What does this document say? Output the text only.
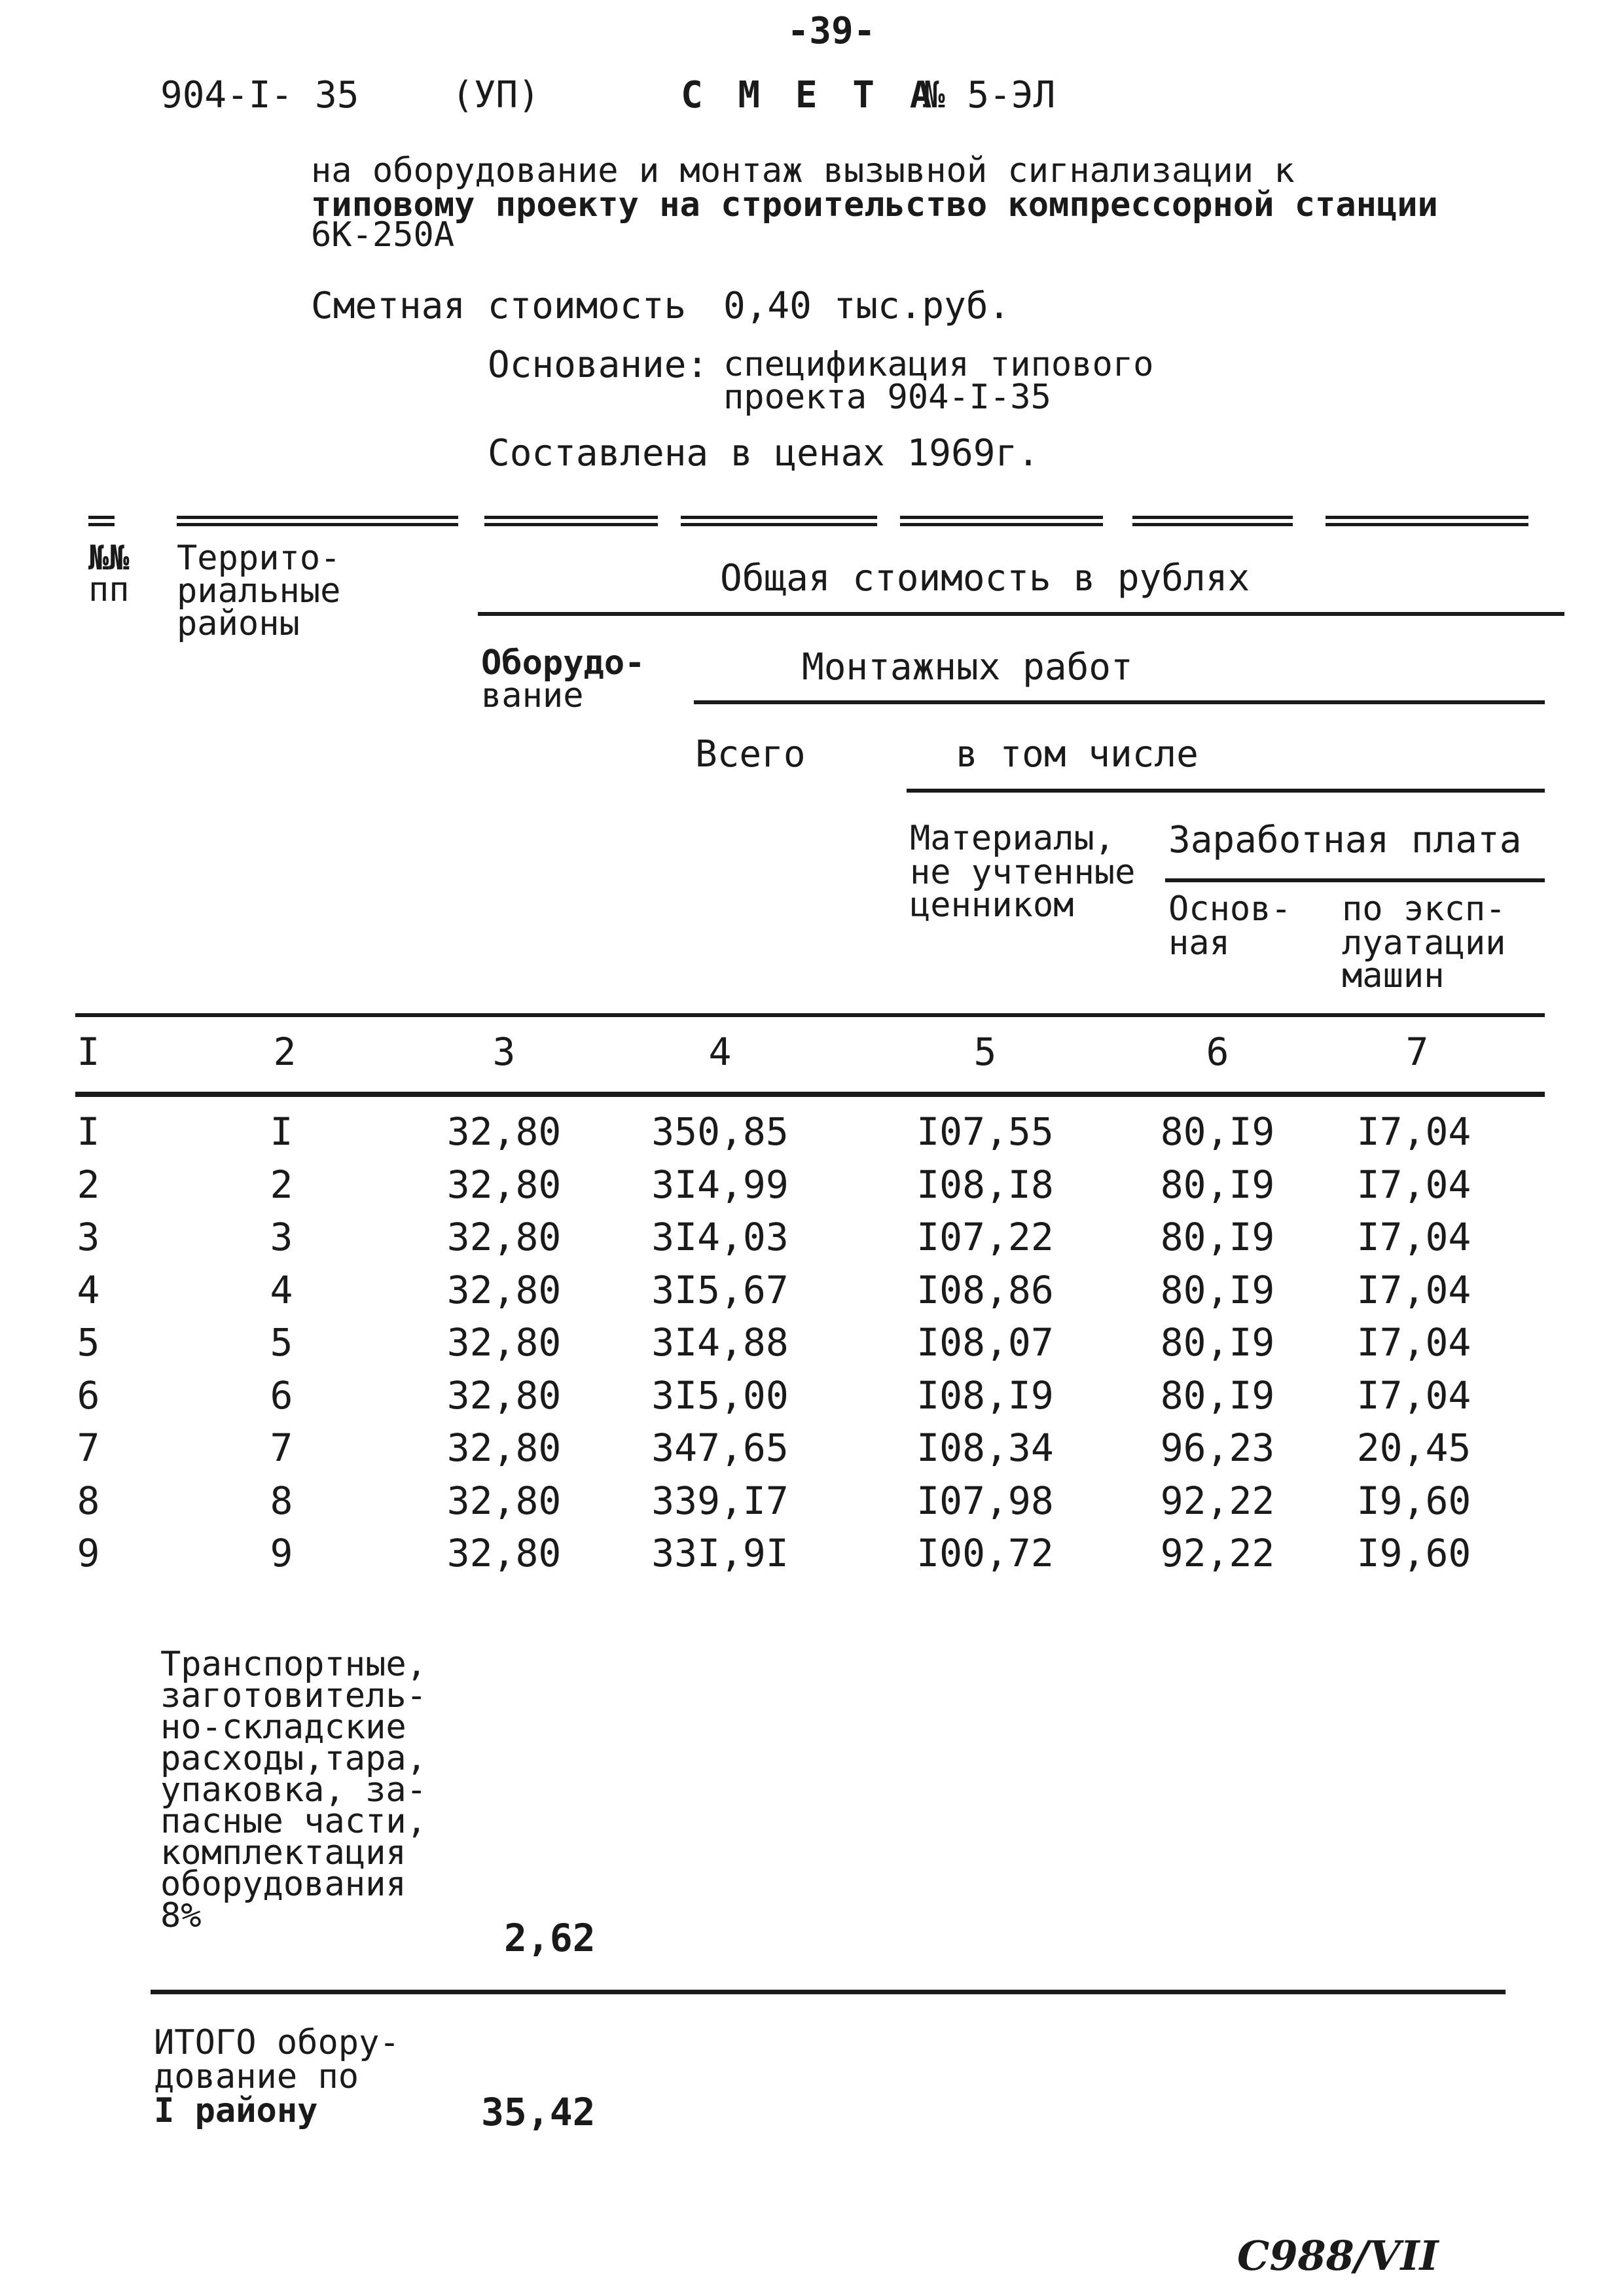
-39-
904-I- 35	(УП)	С М Е Т А
№ 5-ЭЛ
на оборудование и монтаж вызывной сигнализации к
типовому проекту на строительство компрессорной станции
6К-250А
Сметная стоимость 0,40 тыс.руб.
Основание: спецификация типового
проекта 904-I-35
Составлена в ценах 1969г.
№№
пп
Террито-
риальные
районы
Общая стоимость в рублях
Оборудо-
вание
Монтажных работ
Всего	в том числе
Материалы,
не учтенные
ценником
Заработная плата
Основ-
ная
по эксп-
луатации
машин
I	2	3	4	5	6	7
I	I	32,80	350,85	I07,55	80,I9	I7,04
2	2	32,80	3I4,99	I08,I8	80,I9	I7,04
3	3	32,80	3I4,03	I07,22	80,I9	I7,04
4	4	32,80	3I5,67	I08,86	80,I9	I7,04
5	5	32,80	3I4,88	I08,07	80,I9	I7,04
6	6	32,80	3I5,00	I08,I9	80,I9	I7,04
7	7	32,80	347,65	I08,34	96,23	20,45
8	8	32,80	339,I7	I07,98	92,22	I9,60
9	9	32,80	33I,9I	I00,72	92,22	I9,60
Транспортные,
заготовитель-
но-складские
расходы,тара,
упаковка, за-
пасные части,
комплектация
оборудования
8%	2,62
ИТОГО обору-
дование по
I району	35,42
С988/VII
